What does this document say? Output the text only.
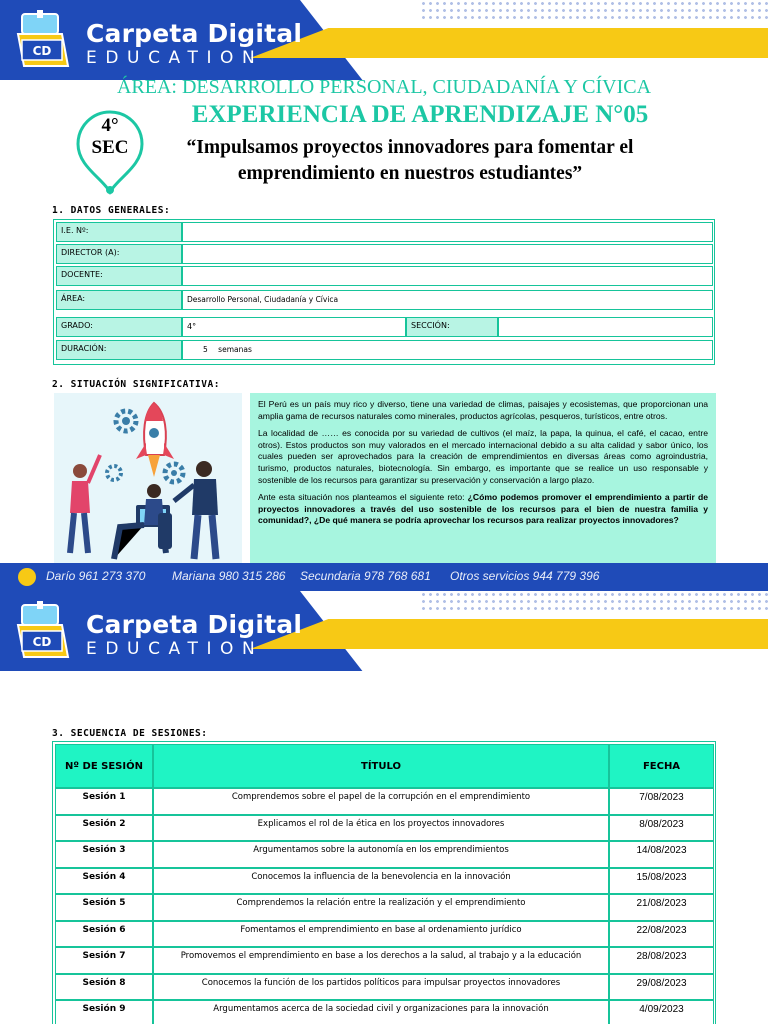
CD
Carpeta Digital
EDUCATION
ÁREA: DESARROLLO PERSONAL, CIUDADANÍA Y CÍVICA
EXPERIENCIA DE APRENDIZAJE N°05
4°
SEC	“Impulsamos proyectos innovadores para fomentar el emprendimiento en nuestros estudiantes”
1. DATOS GENERALES:
I.E. Nº:
DIRECTOR (A):
DOCENTE:
ÁREA:	Desarrollo Personal, Ciudadanía y Cívica
GRADO:	4°	SECCIÓN:
DURACIÓN:	5 semanas
2. SITUACIÓN SIGNIFICATIVA:

El Perú es un país muy rico y diverso, tiene una variedad de climas, paisajes y ecosistemas, que proporcionan una amplia gama de recursos naturales como minerales, productos agrícolas, pesqueros, turísticos, entre otros.

La localidad de …… es conocida por su variedad de cultivos (el maíz, la papa, la quinua, el café, el cacao, entre otros). Estos productos son muy valorados en el mercado internacional debido a su alta calidad y sabor único, los cuales pueden ser aprovechados para la creación de emprendimientos en diversas áreas como agroindustria, turismo, productos naturales, biotecnología. Sin embargo, es importante que se realice un uso responsable y sostenible de los recursos para garantizar su preservación y conservación a largo plazo.

Ante esta situación nos planteamos el siguiente reto: ¿Cómo podemos promover el emprendimiento a partir de proyectos innovadores a través del uso sostenible de los recursos para el bien de nuestra familia y comunidad?, ¿De qué manera se podría aprovechar los recursos para realizar proyectos innovadores?

Darío 961 273 370 Mariana 980 315 286 Secundaria 978 768 681 Otros servicios 944 779 396
CD
Carpeta Digital
EDUCATION
3. SECUENCIA DE SESIONES:
Nº DE SESIÓN	TÍTULO	FECHA
Sesión 1	Comprendemos sobre el papel de la corrupción en el emprendimiento	7/08/2023
Sesión 2	Explicamos el rol de la ética en los proyectos innovadores	8/08/2023
Sesión 3	Argumentamos sobre la autonomía en los emprendimientos	14/08/2023
Sesión 4	Conocemos la influencia de la benevolencia en la innovación	15/08/2023
Sesión 5	Comprendemos la relación entre la realización y el emprendimiento	21/08/2023
Sesión 6	Fomentamos el emprendimiento en base al ordenamiento jurídico	22/08/2023
Sesión 7	Promovemos el emprendimiento en base a los derechos a la salud, al trabajo y a la educación	28/08/2023
Sesión 8	Conocemos la función de los partidos políticos para impulsar proyectos innovadores	29/08/2023
Sesión 9	Argumentamos acerca de la sociedad civil y organizaciones para la innovación	4/09/2023
